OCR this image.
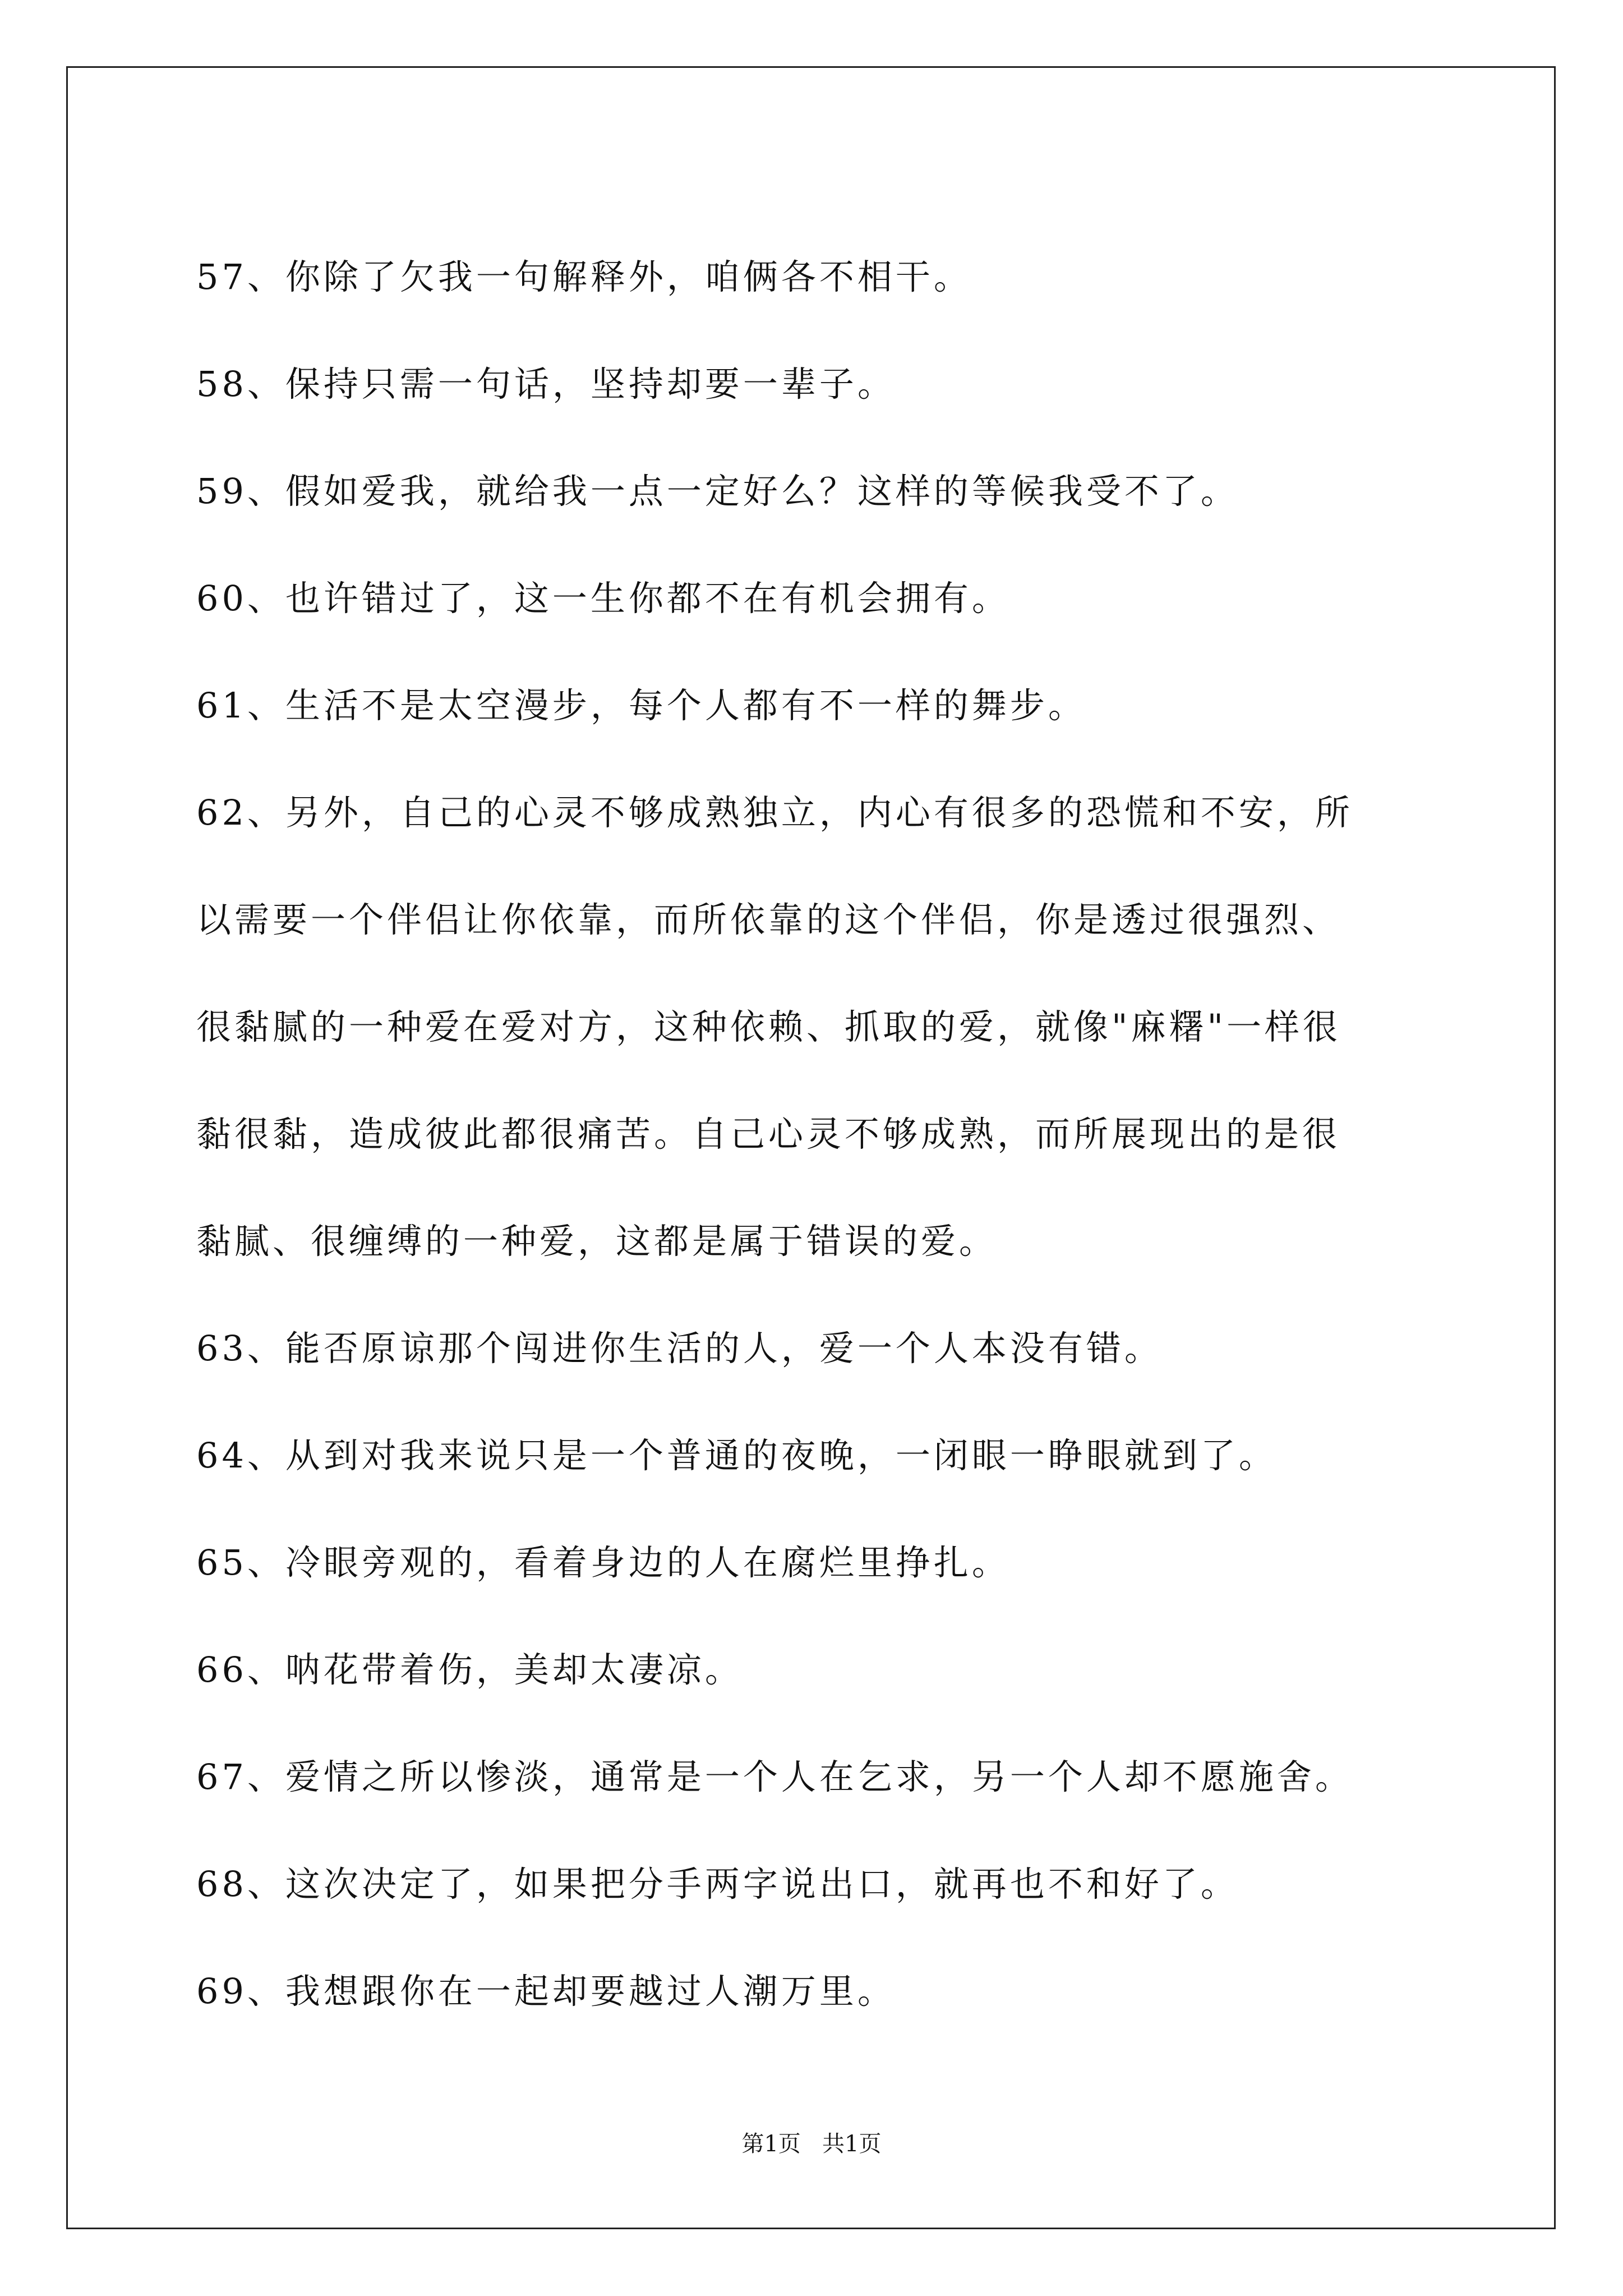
57、你除了欠我一句解释外，咱俩各不相干。
58、保持只需一句话，坚持却要一辈子。
59、假如爱我，就给我一点一定好么？这样的等候我受不了。
60、也许错过了，这一生你都不在有机会拥有。
61、生活不是太空漫步，每个人都有不一样的舞步。
62、另外，自己的心灵不够成熟独立，内心有很多的恐慌和不安，所
以需要一个伴侣让你依靠，而所依靠的这个伴侣，你是透过很强烈、
很黏腻的一种爱在爱对方，这种依赖、抓取的爱，就像"麻糬"一样很
黏很黏，造成彼此都很痛苦。自己心灵不够成熟，而所展现出的是很
黏腻、很缠缚的一种爱，这都是属于错误的爱。
63、能否原谅那个闯进你生活的人，爱一个人本没有错。
64、从到对我来说只是一个普通的夜晚，一闭眼一睁眼就到了。
65、冷眼旁观的，看着身边的人在腐烂里挣扎。
66、呐花带着伤，美却太凄凉。
67、爱情之所以惨淡，通常是一个人在乞求，另一个人却不愿施舍。
68、这次决定了，如果把分手两字说出口，就再也不和好了。
69、我想跟你在一起却要越过人潮万里。
第1页   共1页
